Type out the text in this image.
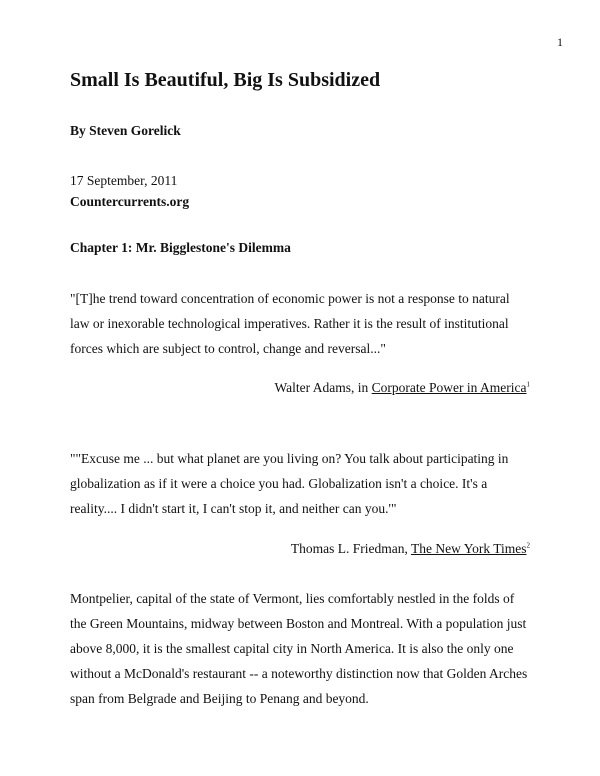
1
Small Is Beautiful, Big Is Subsidized
By Steven Gorelick
17 September, 2011
Countercurrents.org
Chapter 1: Mr. Bigglestone's Dilemma

"[T]he trend toward concentration of economic power is not a response to natural law or inexorable technological imperatives. Rather it is the result of institutional forces which are subject to control, change and reversal..."

Walter Adams, in Corporate Power in America$^1$

""Excuse me ... but what planet are you living on? You talk about participating in globalization as if it were a choice you had. Globalization isn't a choice. It's a reality.... I didn't start it, I can't stop it, and neither can you.'"

Thomas L. Friedman, The New York Times$^2$

Montpelier, capital of the state of Vermont, lies comfortably nestled in the folds of the Green Mountains, midway between Boston and Montreal. With a population just above 8,000, it is the smallest capital city in North America. It is also the only one without a McDonald's restaurant -- a noteworthy distinction now that Golden Arches span from Belgrade and Beijing to Penang and beyond.
